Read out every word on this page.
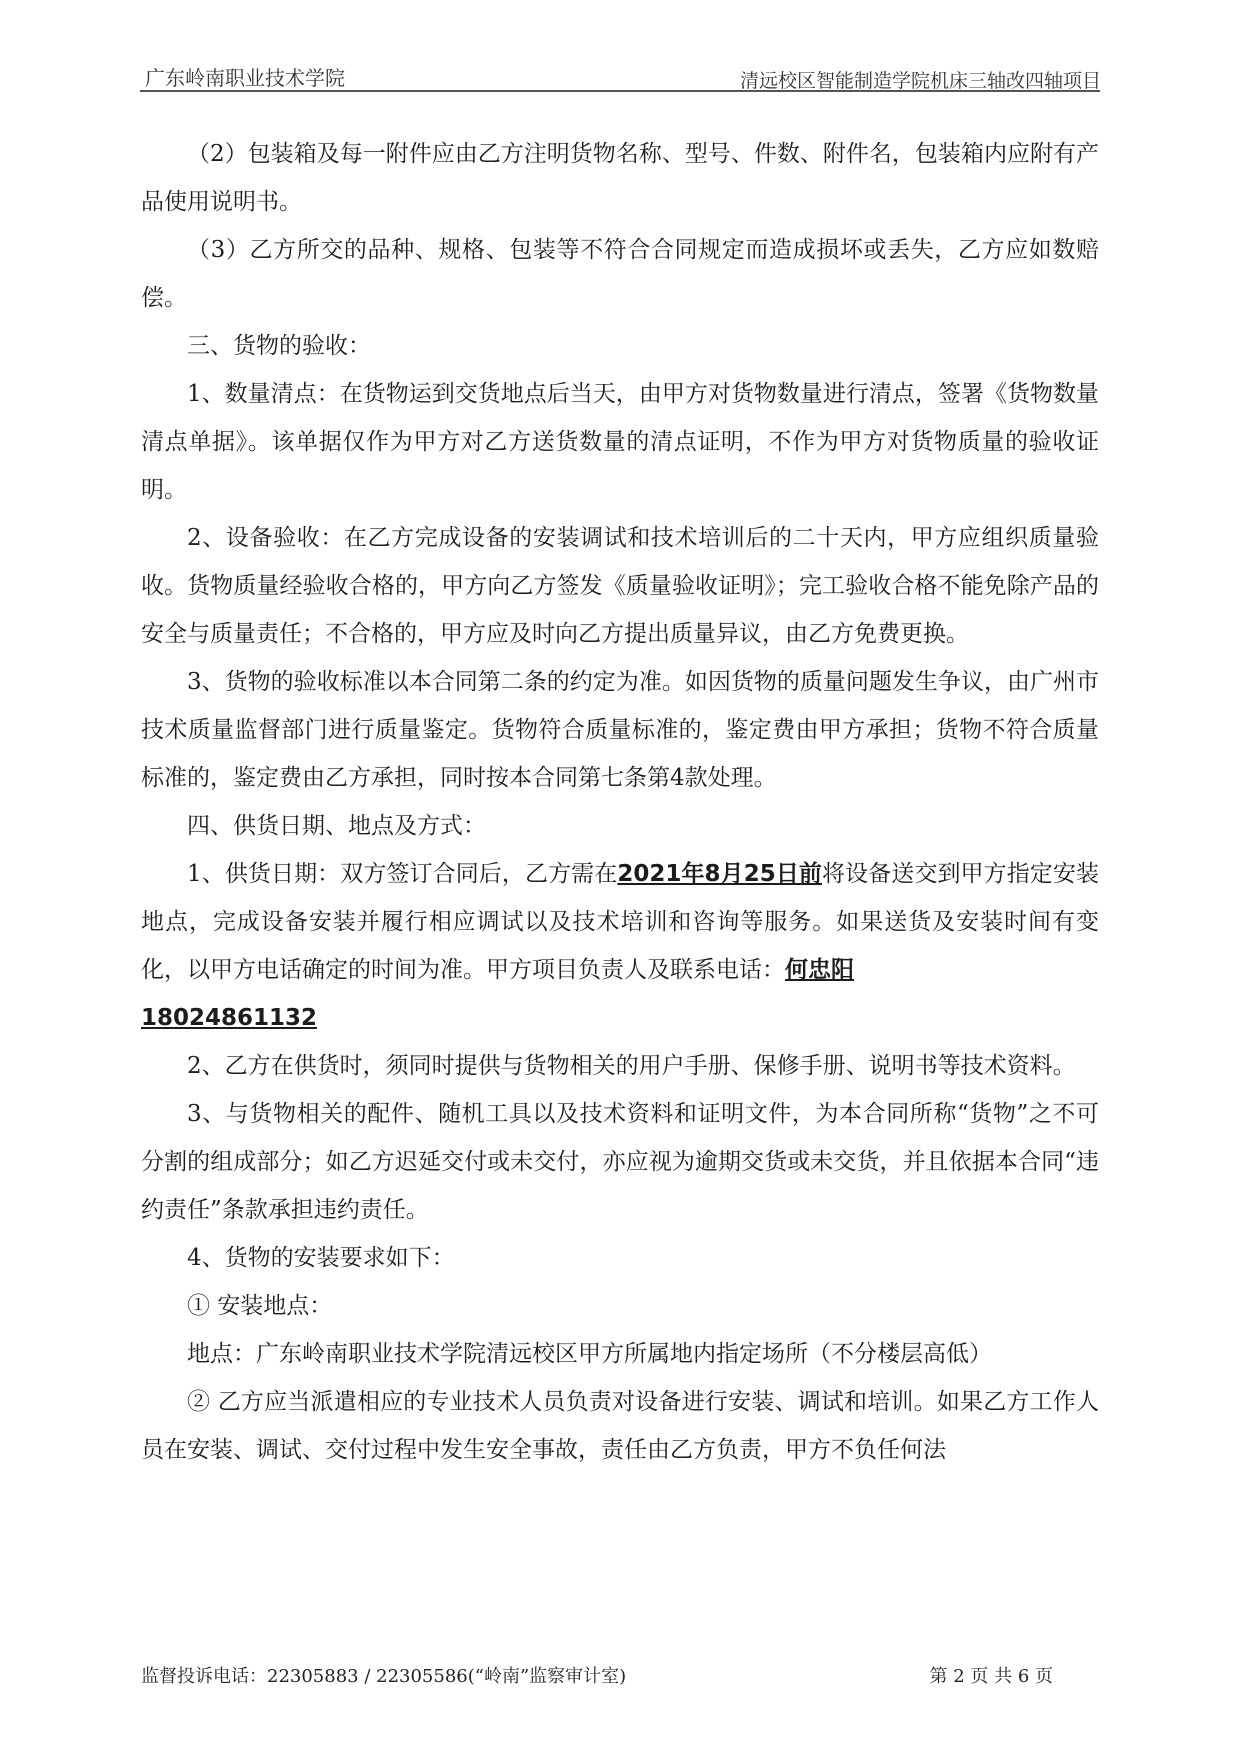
广东岭南职业技术学院	清远校区智能制造学院机床三轴改四轴项目

（2）包装箱及每一附件应由乙方注明货物名称、型号、件数、附件名，包装箱内应附有产品使用说明书。

（3）乙方所交的品种、规格、包装等不符合合同规定而造成损坏或丢失，乙方应如数赔偿。

三、货物的验收：

1、数量清点：在货物运到交货地点后当天，由甲方对货物数量进行清点，签署《货物数量清点单据》。该单据仅作为甲方对乙方送货数量的清点证明，不作为甲方对货物质量的验收证明。

2、设备验收：在乙方完成设备的安装调试和技术培训后的二十天内，甲方应组织质量验收。货物质量经验收合格的，甲方向乙方签发《质量验收证明》；完工验收合格不能免除产品的安全与质量责任；不合格的，甲方应及时向乙方提出质量异议，由乙方免费更换。

3、货物的验收标准以本合同第二条的约定为准。如因货物的质量问题发生争议，由广州市技术质量监督部门进行质量鉴定。货物符合质量标准的，鉴定费由甲方承担；货物不符合质量标准的，鉴定费由乙方承担，同时按本合同第七条第4款处理。

四、供货日期、地点及方式：

1、供货日期：双方签订合同后，乙方需在2021年8月25日前将设备送交到甲方指定安装地点，完成设备安装并履行相应调试以及技术培训和咨询等服务。如果送货及安装时间有变化，以甲方电话确定的时间为准。甲方项目负责人及联系电话：何忠阳
18024861132

2、乙方在供货时，须同时提供与货物相关的用户手册、保修手册、说明书等技术资料。

3、与货物相关的配件、随机工具以及技术资料和证明文件，为本合同所称“货物”之不可分割的组成部分；如乙方迟延交付或未交付，亦应视为逾期交货或未交货，并且依据本合同“违约责任”条款承担违约责任。

4、货物的安装要求如下：

① 安装地点：

地点：广东岭南职业技术学院清远校区甲方所属地内指定场所（不分楼层高低）

② 乙方应当派遣相应的专业技术人员负责对设备进行安装、调试和培训。如果乙方工作人员在安装、调试、交付过程中发生安全事故，责任由乙方负责，甲方不负任何法

监督投诉电话：22305883 / 22305586(“岭南”监察审计室)	第 2 页 共 6 页
